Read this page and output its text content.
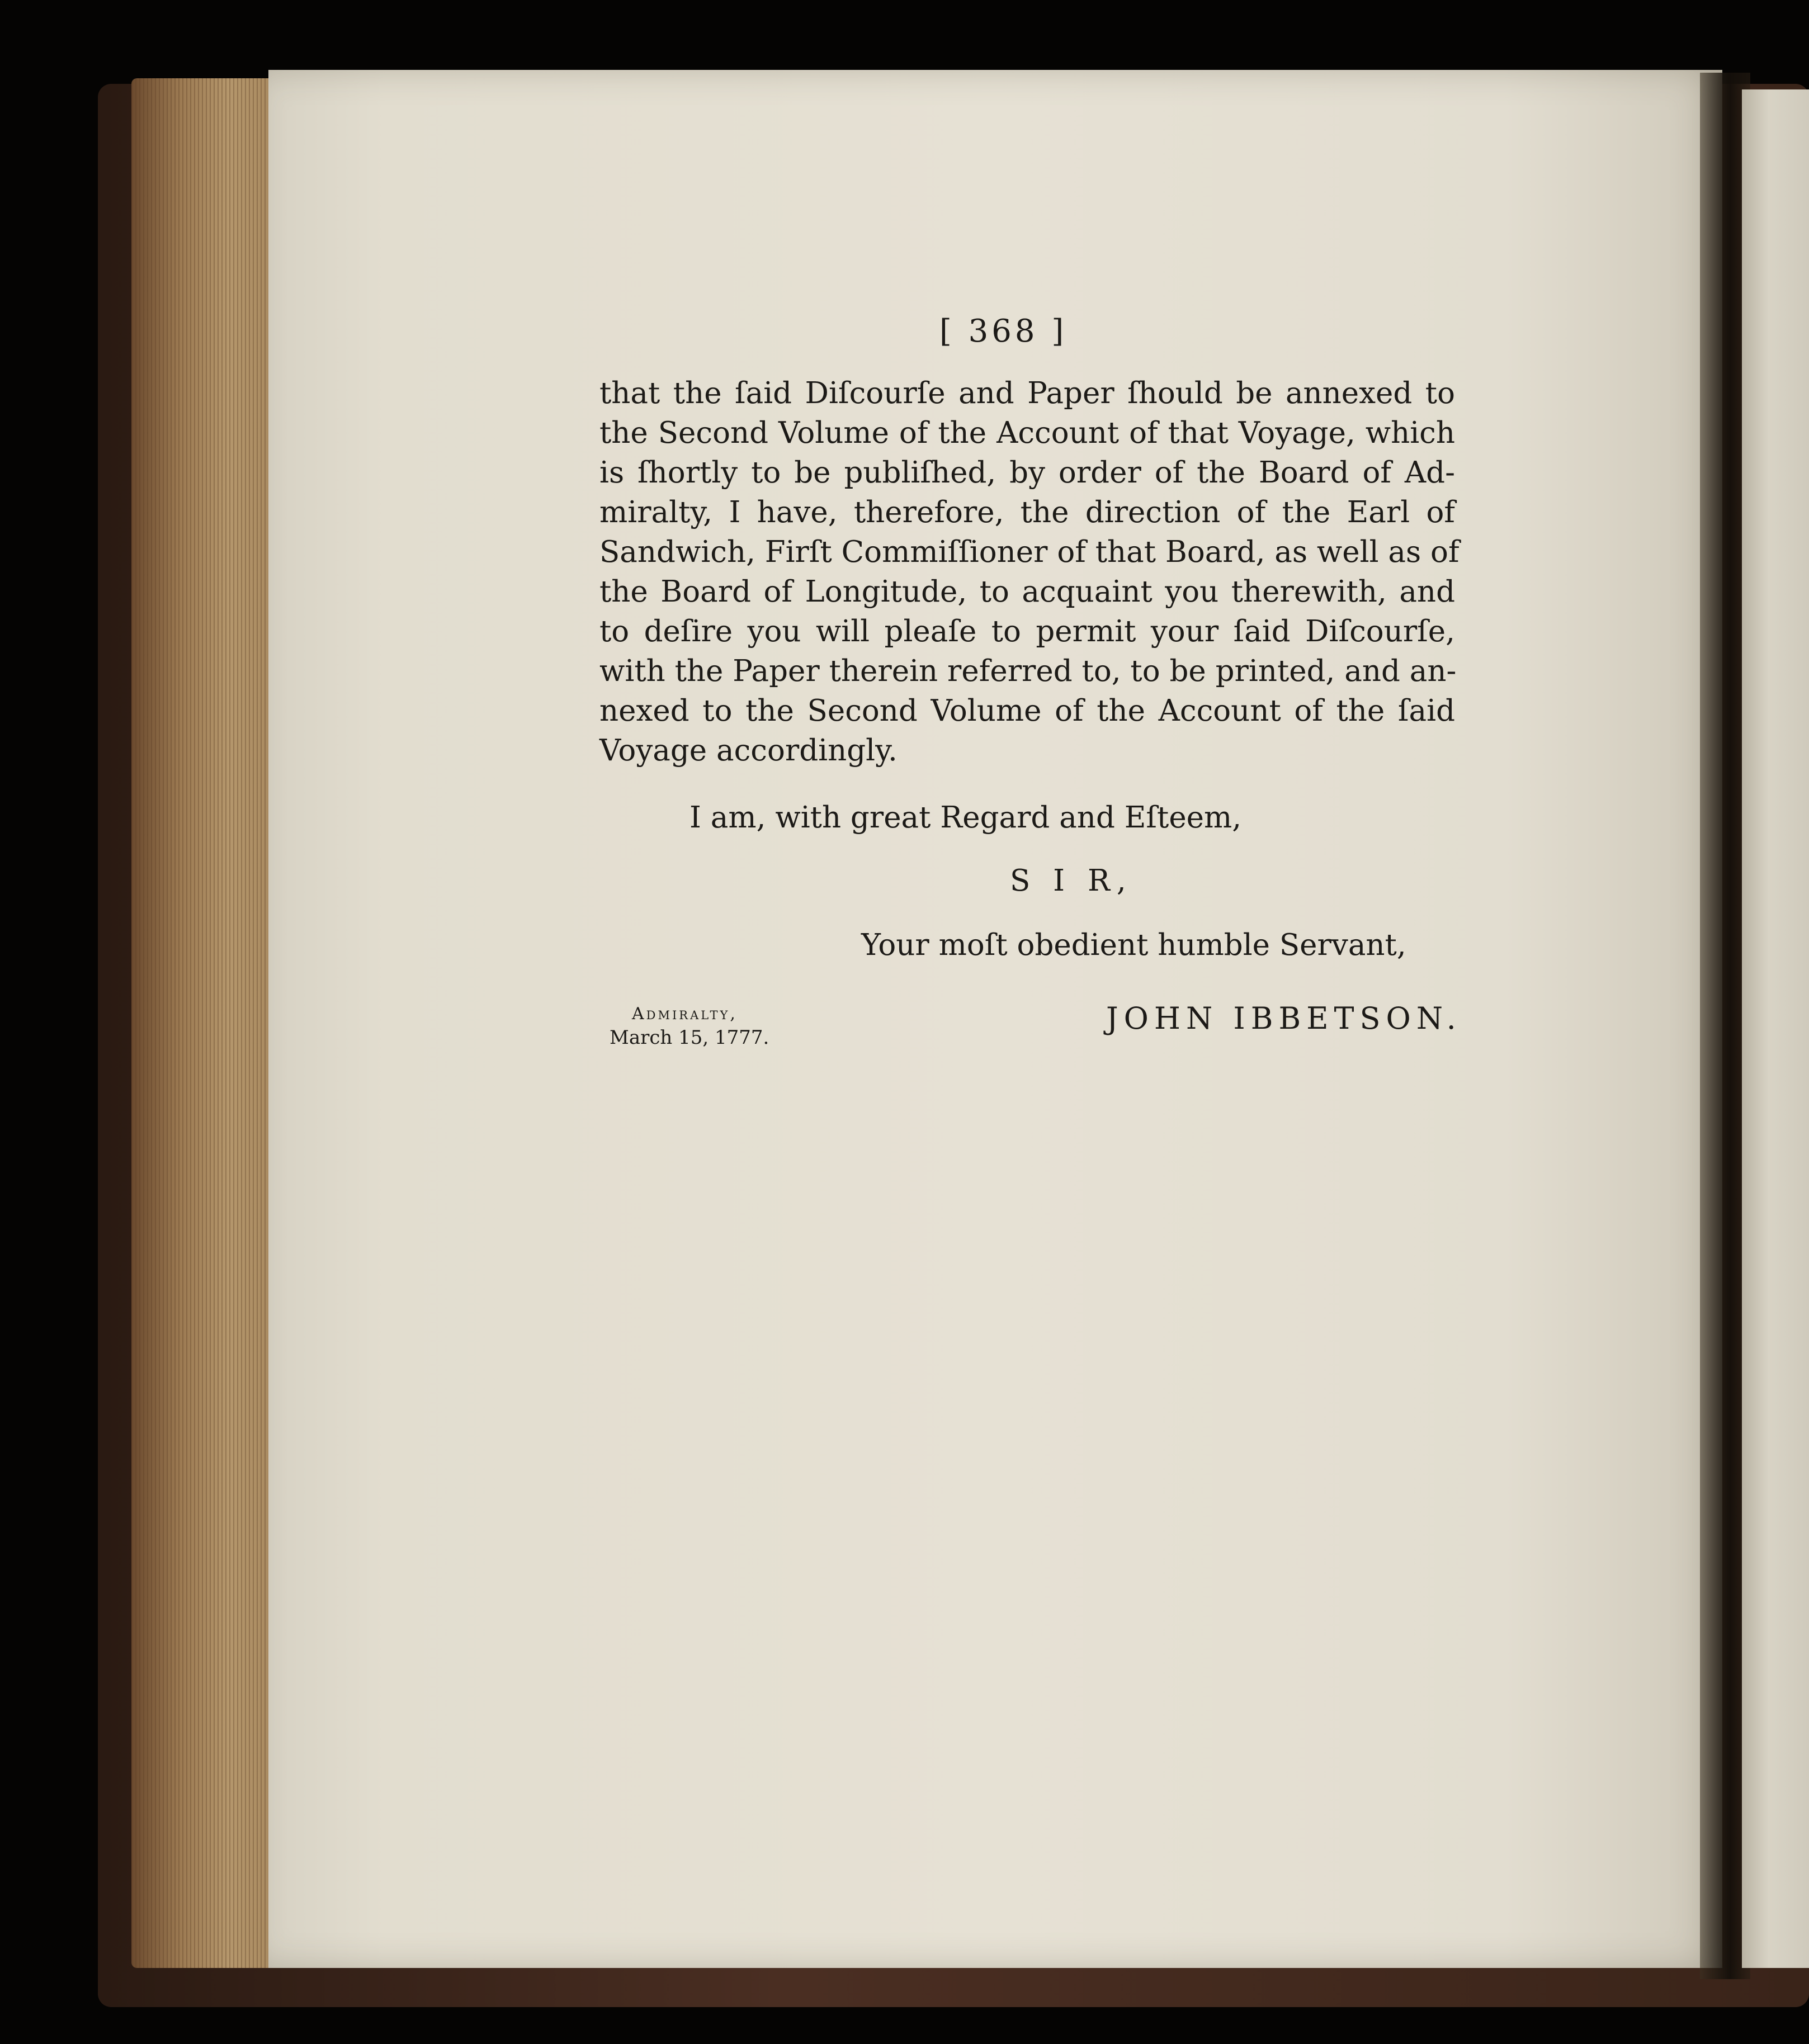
[ 368 ]
that the ſaid Diſcourſe and Paper ſhould be annexed to
the Second Volume of the Account of that Voyage, which
is ſhortly to be publiſhed, by order of the Board of Ad-
miralty, I have, therefore, the direction of the Earl of
Sandwich, Firſt Commiſſioner of that Board, as well as of
the Board of Longitude, to acquaint you therewith, and
to deſire you will pleaſe to permit your ſaid Diſcourſe,
with the Paper therein referred to, to be printed, and an-
nexed to the Second Volume of the Account of the ſaid
Voyage accordingly.
I am, with great Regard and Eſteem,
S I R,
Your moſt obedient humble Servant,
Admiralty,
March 15, 1777.
JOHN IBBETSON.
